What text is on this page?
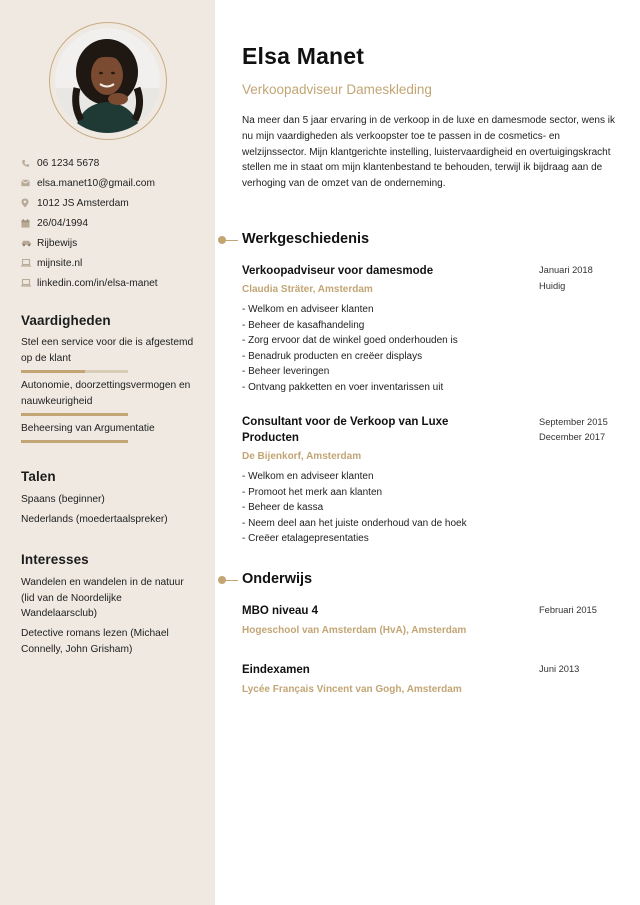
06 1234 5678
elsa.manet10@gmail.com
1012 JS Amsterdam
26/04/1994
Rijbewijs
mijnsite.nl
linkedin.com/in/elsa-manet
Vaardigheden
Stel een service voor die is afgestemd op de klant
Autonomie, doorzettingsvermogen en nauwkeurigheid
Beheersing van Argumentatie
Talen
Spaans (beginner)
Nederlands (moedertaalspreker)
Interesses
Wandelen en wandelen in de natuur (lid van de Noordelijke Wandelaarsclub)
Detective romans lezen (Michael Connelly, John Grisham)
Elsa Manet
Verkoopadviseur Dameskleding
Na meer dan 5 jaar ervaring in de verkoop in de luxe en damesmode sector, wens ik nu mijn vaardigheden als verkoopster toe te passen in de cosmetics- en welzijnssector. Mijn klantgerichte instelling, luistervaardigheid en overtuigingskracht stellen me in staat om mijn klantenbestand te behouden, terwijl ik bijdraag aan de verhoging van de omzet van de onderneming.
Werkgeschiedenis
Verkoopadviseur voor damesmode
Claudia Sträter, Amsterdam
Januari 2018
Huidig
- Welkom en adviseer klanten
- Beheer de kasafhandeling
- Zorg ervoor dat de winkel goed onderhouden is
- Benadruk producten en creëer displays
- Beheer leveringen
- Ontvang pakketten en voer inventarissen uit
Consultant voor de Verkoop van Luxe Producten
De Bijenkorf, Amsterdam
September 2015
December 2017
- Welkom en adviseer klanten
- Promoot het merk aan klanten
- Beheer de kassa
- Neem deel aan het juiste onderhoud van de hoek
- Creëer etalagepresentaties
Onderwijs
MBO niveau 4
Hogeschool van Amsterdam (HvA), Amsterdam
Februari 2015
Eindexamen
Lycée Français Vincent van Gogh, Amsterdam
Juni 2013
